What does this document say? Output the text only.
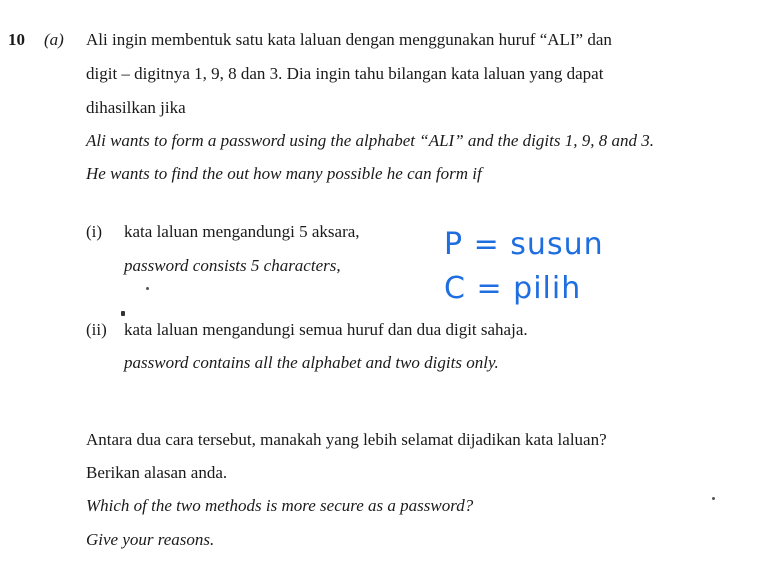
10 (a) Ali ingin membentuk satu kata laluan dengan menggunakan huruf “ALI” dan
digit – digitnya 1, 9, 8 dan 3. Dia ingin tahu bilangan kata laluan yang dapat
dihasilkan jika
Ali wants to form a password using the alphabet “ALI” and the digits 1, 9, 8 and 3.
He wants to find the out how many possible he can form if
(i) kata laluan mengandungi 5 aksara,
password consists 5 characters,
P = susun
C = pilih
(ii) kata laluan mengandungi semua huruf dan dua digit sahaja.
password contains all the alphabet and two digits only.
Antara dua cara tersebut, manakah yang lebih selamat dijadikan kata laluan?
Berikan alasan anda.
Which of the two methods is more secure as a password?
Give your reasons.
